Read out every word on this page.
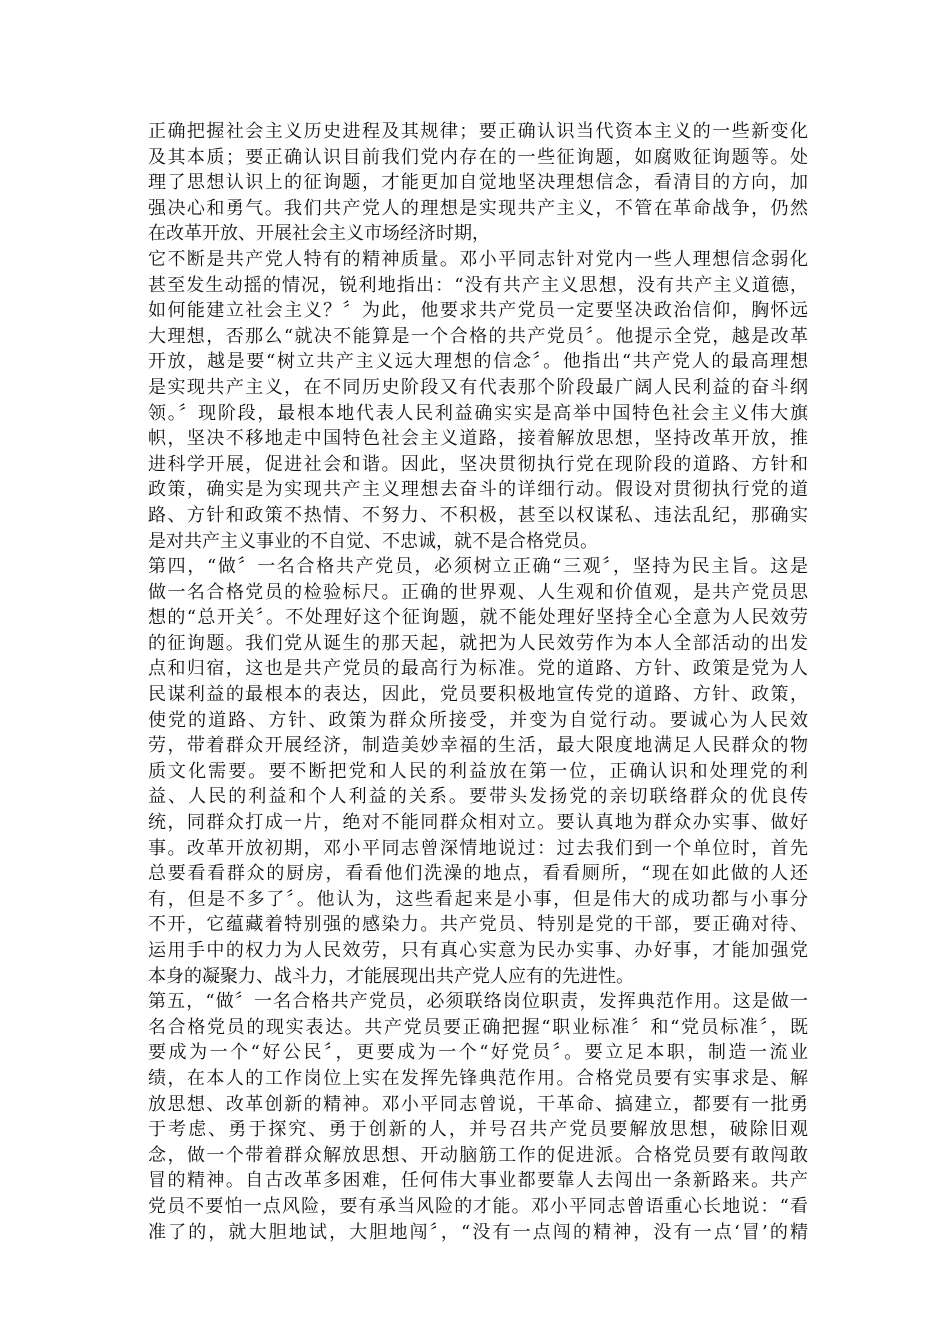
正确把握社会主义历史进程及其规律；要正确认识当代资本主义的一些新变化
及其本质；要正确认识目前我们党内存在的一些征询题，如腐败征询题等。处
理了思想认识上的征询题，才能更加自觉地坚决理想信念，看清目的方向，加
强决心和勇气。我们共产党人的理想是实现共产主义，不管在革命战争，仍然
在改革开放、开展社会主义市场经济时期，
它不断是共产党人特有的精神质量。邓小平同志针对党内一些人理想信念弱化
甚至发生动摇的情况，锐利地指出：“没有共产主义思想，没有共产主义道德，
如何能建立社会主义？〞为此，他要求共产党员一定要坚决政治信仰，胸怀远
大理想，否那么“就决不能算是一个合格的共产党员〞。他提示全党，越是改革
开放，越是要“树立共产主义远大理想的信念〞。他指出“共产党人的最高理想
是实现共产主义，在不同历史阶段又有代表那个阶段最广阔人民利益的奋斗纲
领。〞现阶段，最根本地代表人民利益确实实是高举中国特色社会主义伟大旗
帜，坚决不移地走中国特色社会主义道路，接着解放思想，坚持改革开放，推
进科学开展，促进社会和谐。因此，坚决贯彻执行党在现阶段的道路、方针和
政策，确实是为实现共产主义理想去奋斗的详细行动。假设对贯彻执行党的道
路、方针和政策不热情、不努力、不积极，甚至以权谋私、违法乱纪，那确实
是对共产主义事业的不自觉、不忠诚，就不是合格党员。
第四，“做〞一名合格共产党员，必须树立正确“三观〞，坚持为民主旨。这是
做一名合格党员的检验标尺。正确的世界观、人生观和价值观，是共产党员思
想的“总开关〞。不处理好这个征询题，就不能处理好坚持全心全意为人民效劳
的征询题。我们党从诞生的那天起，就把为人民效劳作为本人全部活动的出发
点和归宿，这也是共产党员的最高行为标准。党的道路、方针、政策是党为人
民谋利益的最根本的表达，因此，党员要积极地宣传党的道路、方针、政策，
使党的道路、方针、政策为群众所接受，并变为自觉行动。要诚心为人民效
劳，带着群众开展经济，制造美妙幸福的生活，最大限度地满足人民群众的物
质文化需要。要不断把党和人民的利益放在第一位，正确认识和处理党的利
益、人民的利益和个人利益的关系。要带头发扬党的亲切联络群众的优良传
统，同群众打成一片，绝对不能同群众相对立。要认真地为群众办实事、做好
事。改革开放初期，邓小平同志曾深情地说过：过去我们到一个单位时，首先
总要看看群众的厨房，看看他们洗澡的地点，看看厕所，“现在如此做的人还
有，但是不多了〞。他认为，这些看起来是小事，但是伟大的成功都与小事分
不开，它蕴藏着特别强的感染力。共产党员、特别是党的干部，要正确对待、
运用手中的权力为人民效劳，只有真心实意为民办实事、办好事，才能加强党
本身的凝聚力、战斗力，才能展现出共产党人应有的先进性。
第五，“做〞一名合格共产党员，必须联络岗位职责，发挥典范作用。这是做一
名合格党员的现实表达。共产党员要正确把握“职业标准〞和“党员标准〞，既
要成为一个“好公民〞，更要成为一个“好党员〞。要立足本职，制造一流业
绩，在本人的工作岗位上实在发挥先锋典范作用。合格党员要有实事求是、解
放思想、改革创新的精神。邓小平同志曾说，干革命、搞建立，都要有一批勇
于考虑、勇于探究、勇于创新的人，并号召共产党员要解放思想，破除旧观
念，做一个带着群众解放思想、开动脑筋工作的促进派。合格党员要有敢闯敢
冒的精神。自古改革多困难，任何伟大事业都要靠人去闯出一条新路来。共产
党员不要怕一点风险，要有承当风险的才能。邓小平同志曾语重心长地说：“看
准了的，就大胆地试，大胆地闯〞，“没有一点闯的精神，没有一点‘冒’的精
